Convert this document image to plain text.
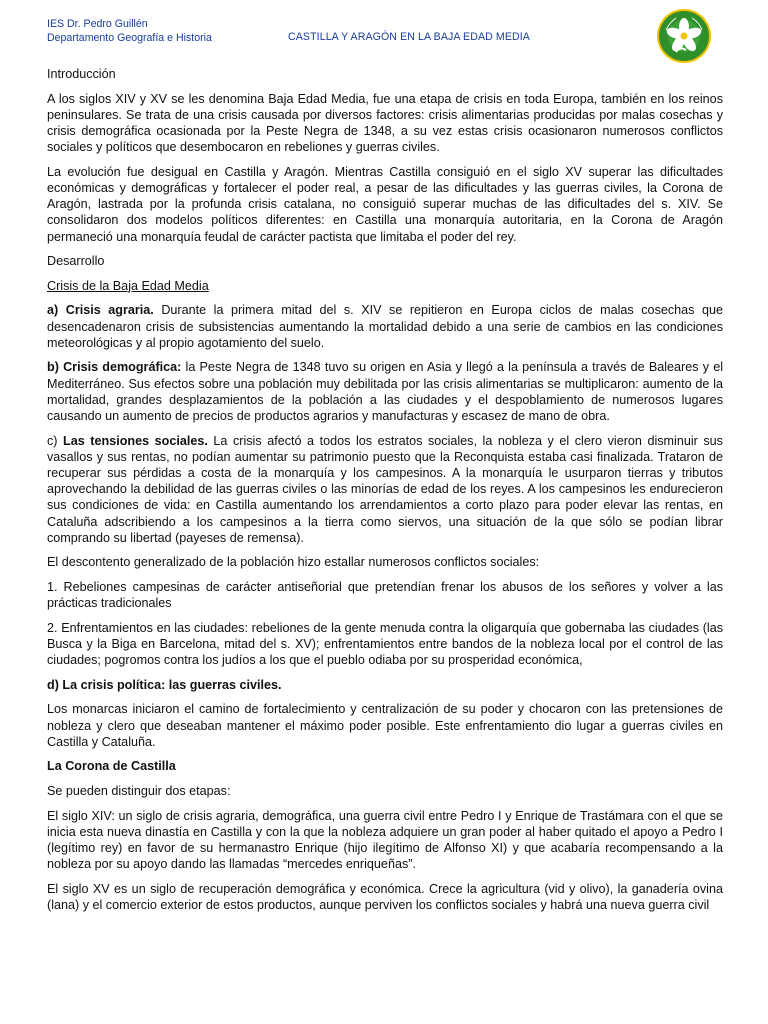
IES Dr. Pedro Guillén
Departamento Geografía e Historia	CASTILLA Y ARAGÓN EN LA BAJA EDAD MEDIA

Introducción

A los siglos XIV y XV se les denomina Baja Edad Media, fue una etapa de crisis en toda Europa, también en los reinos peninsulares. Se trata de una crisis causada por diversos factores: crisis alimentarias producidas por malas cosechas y crisis demográfica ocasionada por la Peste Negra de 1348, a su vez estas crisis ocasionaron numerosos conflictos sociales y políticos que desembocaron en rebeliones y guerras civiles.

La evolución fue desigual en Castilla y Aragón. Mientras Castilla consiguió en el siglo XV superar las dificultades económicas y demográficas y fortalecer el poder real, a pesar de las dificultades y las guerras civiles, la Corona de Aragón, lastrada por la profunda crisis catalana, no consiguió superar muchas de las dificultades del s. XIV. Se consolidaron dos modelos políticos diferentes: en Castilla una monarquía autoritaria, en la Corona de Aragón permaneció una monarquía feudal de carácter pactista que limitaba el poder del rey.

Desarrollo

Crisis de la Baja Edad Media

a) Crisis agraria. Durante la primera mitad del s. XIV se repitieron en Europa ciclos de malas cosechas que desencadenaron crisis de subsistencias aumentando la mortalidad debido a una serie de cambios en las condiciones meteorológicas y al propio agotamiento del suelo.

b) Crisis demográfica: la Peste Negra de 1348 tuvo su origen en Asia y llegó a la península a través de Baleares y el Mediterráneo. Sus efectos sobre una población muy debilitada por las crisis alimentarias se multiplicaron: aumento de la mortalidad, grandes desplazamientos de la población a las ciudades y el despoblamiento de numerosos lugares causando un aumento de precios de productos agrarios y manufacturas y escasez de mano de obra.

c) Las tensiones sociales. La crisis afectó a todos los estratos sociales, la nobleza y el clero vieron disminuir sus vasallos y sus rentas, no podían aumentar su patrimonio puesto que la Reconquista estaba casi finalizada. Trataron de recuperar sus pérdidas a costa de la monarquía y los campesinos. A la monarquía le usurparon tierras y tributos aprovechando la debilidad de las guerras civiles o las minorías de edad de los reyes. A los campesinos les endurecieron sus condiciones de vida: en Castilla aumentando los arrendamientos a corto plazo para poder elevar las rentas, en Cataluña adscribiendo a los campesinos a la tierra como siervos, una situación de la que sólo se podían librar comprando su libertad (payeses de remensa).

El descontento generalizado de la población hizo estallar numerosos conflictos sociales:

1. Rebeliones campesinas de carácter antiseñorial que pretendían frenar los abusos de los señores y volver a las prácticas tradicionales

2. Enfrentamientos en las ciudades: rebeliones de la gente menuda contra la oligarquía que gobernaba las ciudades (las Busca y la Biga en Barcelona, mitad del s. XV); enfrentamientos entre bandos de la nobleza local por el control de las ciudades; pogromos contra los judíos a los que el pueblo odiaba por su prosperidad económica,

d) La crisis política: las guerras civiles.

Los monarcas iniciaron el camino de fortalecimiento y centralización de su poder y chocaron con las pretensiones de nobleza y clero que deseaban mantener el máximo poder posible. Este enfrentamiento dio lugar a guerras civiles en Castilla y Cataluña.

La Corona de Castilla

Se pueden distinguir dos etapas:

El siglo XIV: un siglo de crisis agraria, demográfica, una guerra civil entre Pedro I y Enrique de Trastámara con el que se inicia esta nueva dinastía en Castilla y con la que la nobleza adquiere un gran poder al haber quitado el apoyo a Pedro I (legítimo rey) en favor de su hermanastro Enrique (hijo ilegítimo de Alfonso XI) y que acabaría recompensando a la nobleza por su apoyo dando las llamadas “mercedes enriqueñas”.

El siglo XV es un siglo de recuperación demográfica y económica. Crece la agricultura (vid y olivo), la ganadería ovina (lana) y el comercio exterior de estos productos, aunque perviven los conflictos sociales y habrá una nueva guerra civil
